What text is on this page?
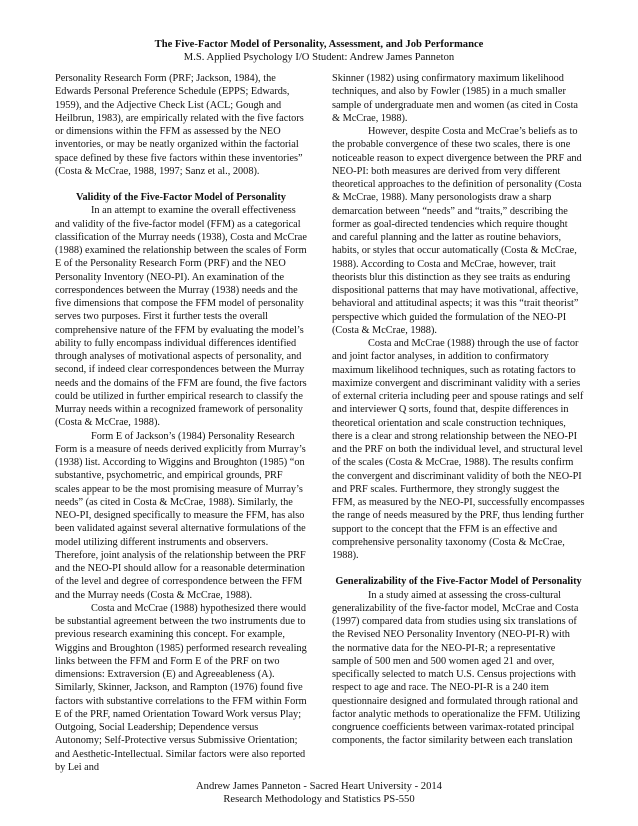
The Five-Factor Model of Personality, Assessment, and Job Performance

M.S. Applied Psychology I/O Student: Andrew James Panneton

Personality Research Form (PRF; Jackson, 1984), the Edwards Personal Preference Schedule (EPPS; Edwards, 1959), and the Adjective Check List (ACL; Gough and Heilbrun, 1983), are empirically related with the five factors or dimensions within the FFM as assessed by the NEO inventories, or may be neatly organized within the factorial space defined by these five factors within these inventories” (Costa & McCrae, 1988, 1997; Sanz et al., 2008).

Validity of the Five-Factor Model of Personality

In an attempt to examine the overall effectiveness and validity of the five-factor model (FFM) as a categorical classification of the Murray needs (1938), Costa and McCrae (1988) examined the relationship between the scales of Form E of the Personality Research Form (PRF) and the NEO Personality Inventory (NEO-PI). An examination of the correspondences between the Murray (1938) needs and the five dimensions that compose the FFM model of personality serves two purposes. First it further tests the overall comprehensive nature of the FFM by evaluating the model’s ability to fully encompass individual differences identified through analyses of motivational aspects of personality, and second, if indeed clear correspondences between the Murray needs and the domains of the FFM are found, the five factors could be utilized in further empirical research to classify the Murray needs within a recognized framework of personality (Costa & McCrae, 1988).

Form E of Jackson’s (1984) Personality Research Form is a measure of needs derived explicitly from Murray’s (1938) list. According to Wiggins and Broughton (1985) “on substantive, psychometric, and empirical grounds, PRF scales appear to be the most promising measure of Murray’s needs” (as cited in Costa & McCrae, 1988). Similarly, the NEO-PI, designed specifically to measure the FFM, has also been validated against several alternative formulations of the model utilizing different instruments and observers. Therefore, joint analysis of the relationship between the PRF and the NEO-PI should allow for a reasonable determination of the level and degree of correspondence between the FFM and the Murray needs (Costa & McCrae, 1988).

Costa and McCrae (1988) hypothesized there would be substantial agreement between the two instruments due to previous research examining this concept. For example, Wiggins and Broughton (1985) performed research revealing links between the FFM and Form E of the PRF on two dimensions: Extraversion (E) and Agreeableness (A). Similarly, Skinner, Jackson, and Rampton (1976) found five factors with substantive correlations to the FFM within Form E of the PRF, named Orientation Toward Work versus Play; Outgoing, Social Leadership; Dependence versus Autonomy; Self-Protective versus Submissive Orientation; and Aesthetic-Intellectual. Similar factors were also reported by Lei and

Skinner (1982) using confirmatory maximum likelihood techniques, and also by Fowler (1985) in a much smaller sample of undergraduate men and women (as cited in Costa & McCrae, 1988).

However, despite Costa and McCrae’s beliefs as to the probable convergence of these two scales, there is one noticeable reason to expect divergence between the PRF and NEO-PI: both measures are derived from very different theoretical approaches to the definition of personality (Costa & McCrae, 1988). Many personologists draw a sharp demarcation between “needs” and “traits,” describing the former as goal-directed tendencies which require thought and careful planning and the latter as routine behaviors, habits, or styles that occur automatically (Costa & McCrae, 1988). According to Costa and McCrae, however, trait theorists blur this distinction as they see traits as enduring dispositional patterns that may have motivational, affective, behavioral and attitudinal aspects; it was this “trait theorist” perspective which guided the formulation of the NEO-PI (Costa & McCrae, 1988).

Costa and McCrae (1988) through the use of factor and joint factor analyses, in addition to confirmatory maximum likelihood techniques, such as rotating factors to maximize convergent and discriminant validity with a series of external criteria including peer and spouse ratings and self and interviewer Q sorts, found that, despite differences in theoretical orientation and scale construction techniques, there is a clear and strong relationship between the NEO-PI and the PRF on both the individual level, and structural level of the scales (Costa & McCrae, 1988). The results confirm the convergent and discriminant validity of both the NEO-PI and PRF scales. Furthermore, they strongly suggest the FFM, as measured by the NEO-PI, successfully encompasses the range of needs measured by the PRF, thus lending further support to the concept that the FFM is an effective and comprehensive personality taxonomy (Costa & McCrae, 1988).

Generalizability of the Five-Factor Model of Personality

In a study aimed at assessing the cross-cultural generalizability of the five-factor model, McCrae and Costa (1997) compared data from studies using six translations of the Revised NEO Personality Inventory (NEO-PI-R) with the normative data for the NEO-PI-R; a representative sample of 500 men and 500 women aged 21 and over, specifically selected to match U.S. Census projections with respect to age and race. The NEO-PI-R is a 240 item questionnaire designed and formulated through rational and factor analytic methods to operationalize the FFM. Utilizing congruence coefficients between varimax-rotated principal components, the factor similarity between each translation

Andrew James Panneton - Sacred Heart University - 2014
Research Methodology and Statistics PS-550
